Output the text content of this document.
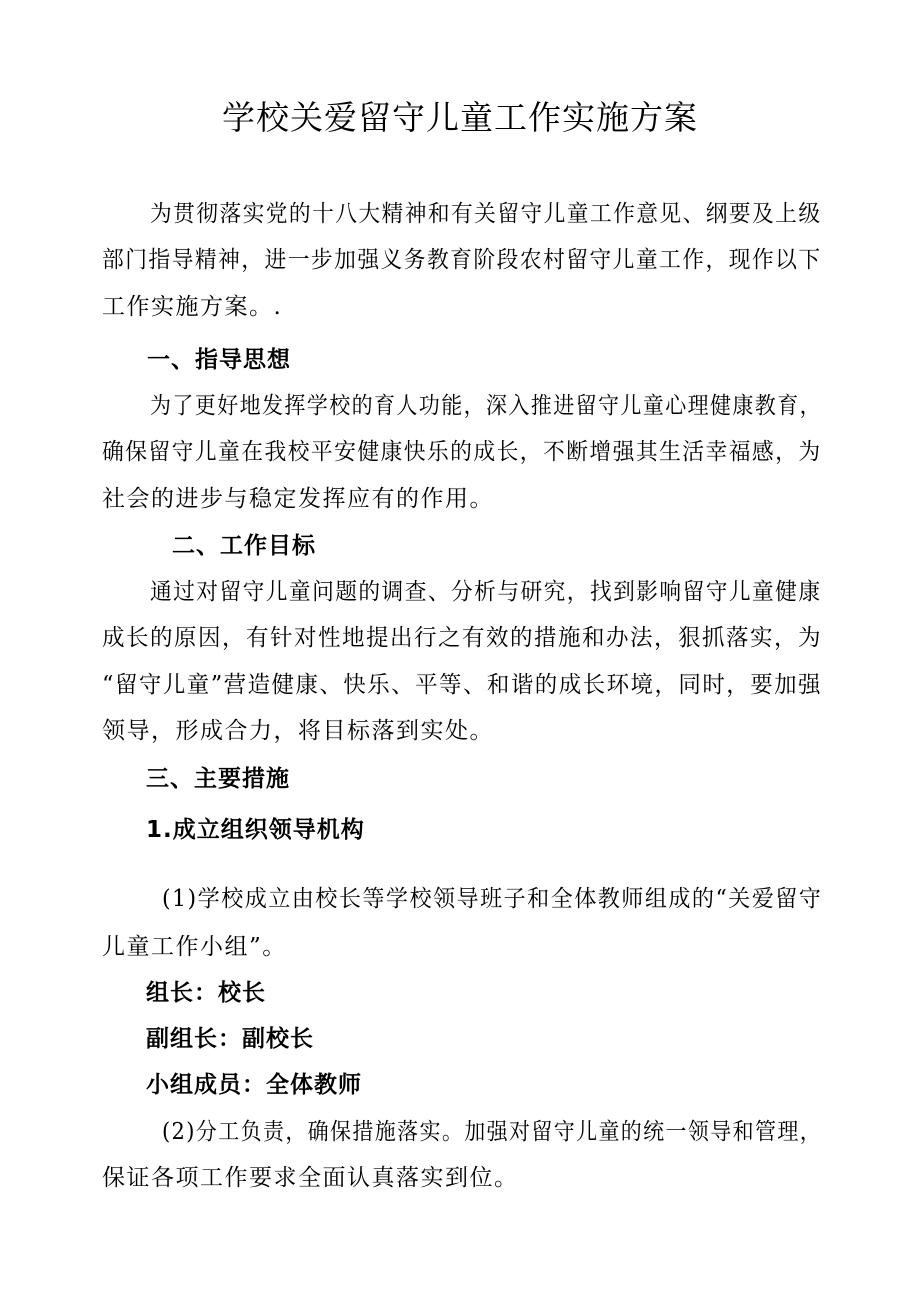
学校关爱留守儿童工作实施方案
为贯彻落实党的十八大精神和有关留守儿童工作意见、纲要及上级
部门指导精神，进一步加强义务教育阶段农村留守儿童工作，现作以下
工作实施方案。.
一、指导思想
为了更好地发挥学校的育人功能，深入推进留守儿童心理健康教育，
确保留守儿童在我校平安健康快乐的成长，不断增强其生活幸福感，为
社会的进步与稳定发挥应有的作用。
二、工作目标
通过对留守儿童问题的调查、分析与研究，找到影响留守儿童健康
成长的原因，有针对性地提出行之有效的措施和办法，狠抓落实，为
“留守儿童”营造健康、快乐、平等、和谐的成长环境，同时，要加强
领导，形成合力，将目标落到实处。
三、主要措施
1.成立组织领导机构
(1)学校成立由校长等学校领导班子和全体教师组成的“关爱留守
儿童工作小组”。
组长：校长
副组长：副校长
小组成员：全体教师
(2)分工负责，确保措施落实。加强对留守儿童的统一领导和管理，
保证各项工作要求全面认真落实到位。
